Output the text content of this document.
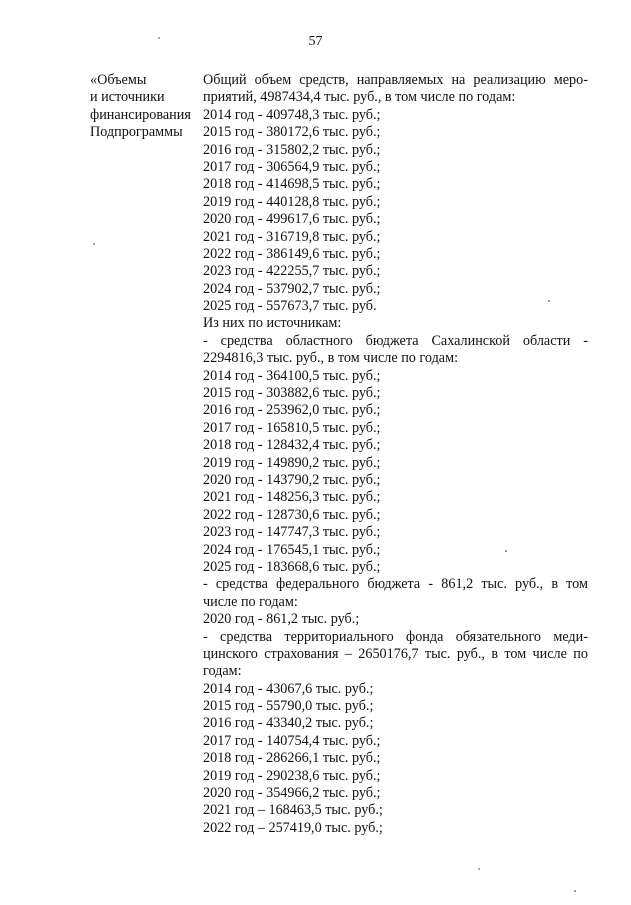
57
«Объемы
и источники
финансирования
Подпрограммы
Общий объем средств, направляемых на реализацию меро-
приятий, 4987434,4 тыс. руб., в том числе по годам:
2014 год - 409748,3 тыс. руб.;
2015 год - 380172,6 тыс. руб.;
2016 год - 315802,2 тыс. руб.;
2017 год - 306564,9 тыс. руб.;
2018 год - 414698,5 тыс. руб.;
2019 год - 440128,8 тыс. руб.;
2020 год - 499617,6 тыс. руб.;
2021 год - 316719,8 тыс. руб.;
2022 год - 386149,6 тыс. руб.;
2023 год - 422255,7 тыс. руб.;
2024 год - 537902,7 тыс. руб.;
2025 год - 557673,7 тыс. руб.
Из них по источникам:
- средства областного бюджета Сахалинской области -
2294816,3 тыс. руб., в том числе по годам:
2014 год - 364100,5 тыс. руб.;
2015 год - 303882,6 тыс. руб.;
2016 год - 253962,0 тыс. руб.;
2017 год - 165810,5 тыс. руб.;
2018 год - 128432,4 тыс. руб.;
2019 год - 149890,2 тыс. руб.;
2020 год - 143790,2 тыс. руб.;
2021 год - 148256,3 тыс. руб.;
2022 год - 128730,6 тыс. руб.;
2023 год - 147747,3 тыс. руб.;
2024 год - 176545,1 тыс. руб.;
2025 год - 183668,6 тыс. руб.;
- средства федерального бюджета - 861,2 тыс. руб., в том
числе по годам:
2020 год - 861,2 тыс. руб.;
- средства территориального фонда обязательного меди-
цинского страхования – 2650176,7 тыс. руб., в том числе по
годам:
2014 год - 43067,6 тыс. руб.;
2015 год - 55790,0 тыс. руб.;
2016 год - 43340,2 тыс. руб.;
2017 год - 140754,4 тыс. руб.;
2018 год - 286266,1 тыс. руб.;
2019 год - 290238,6 тыс. руб.;
2020 год - 354966,2 тыс. руб.;
2021 год – 168463,5 тыс. руб.;
2022 год – 257419,0 тыс. руб.;
